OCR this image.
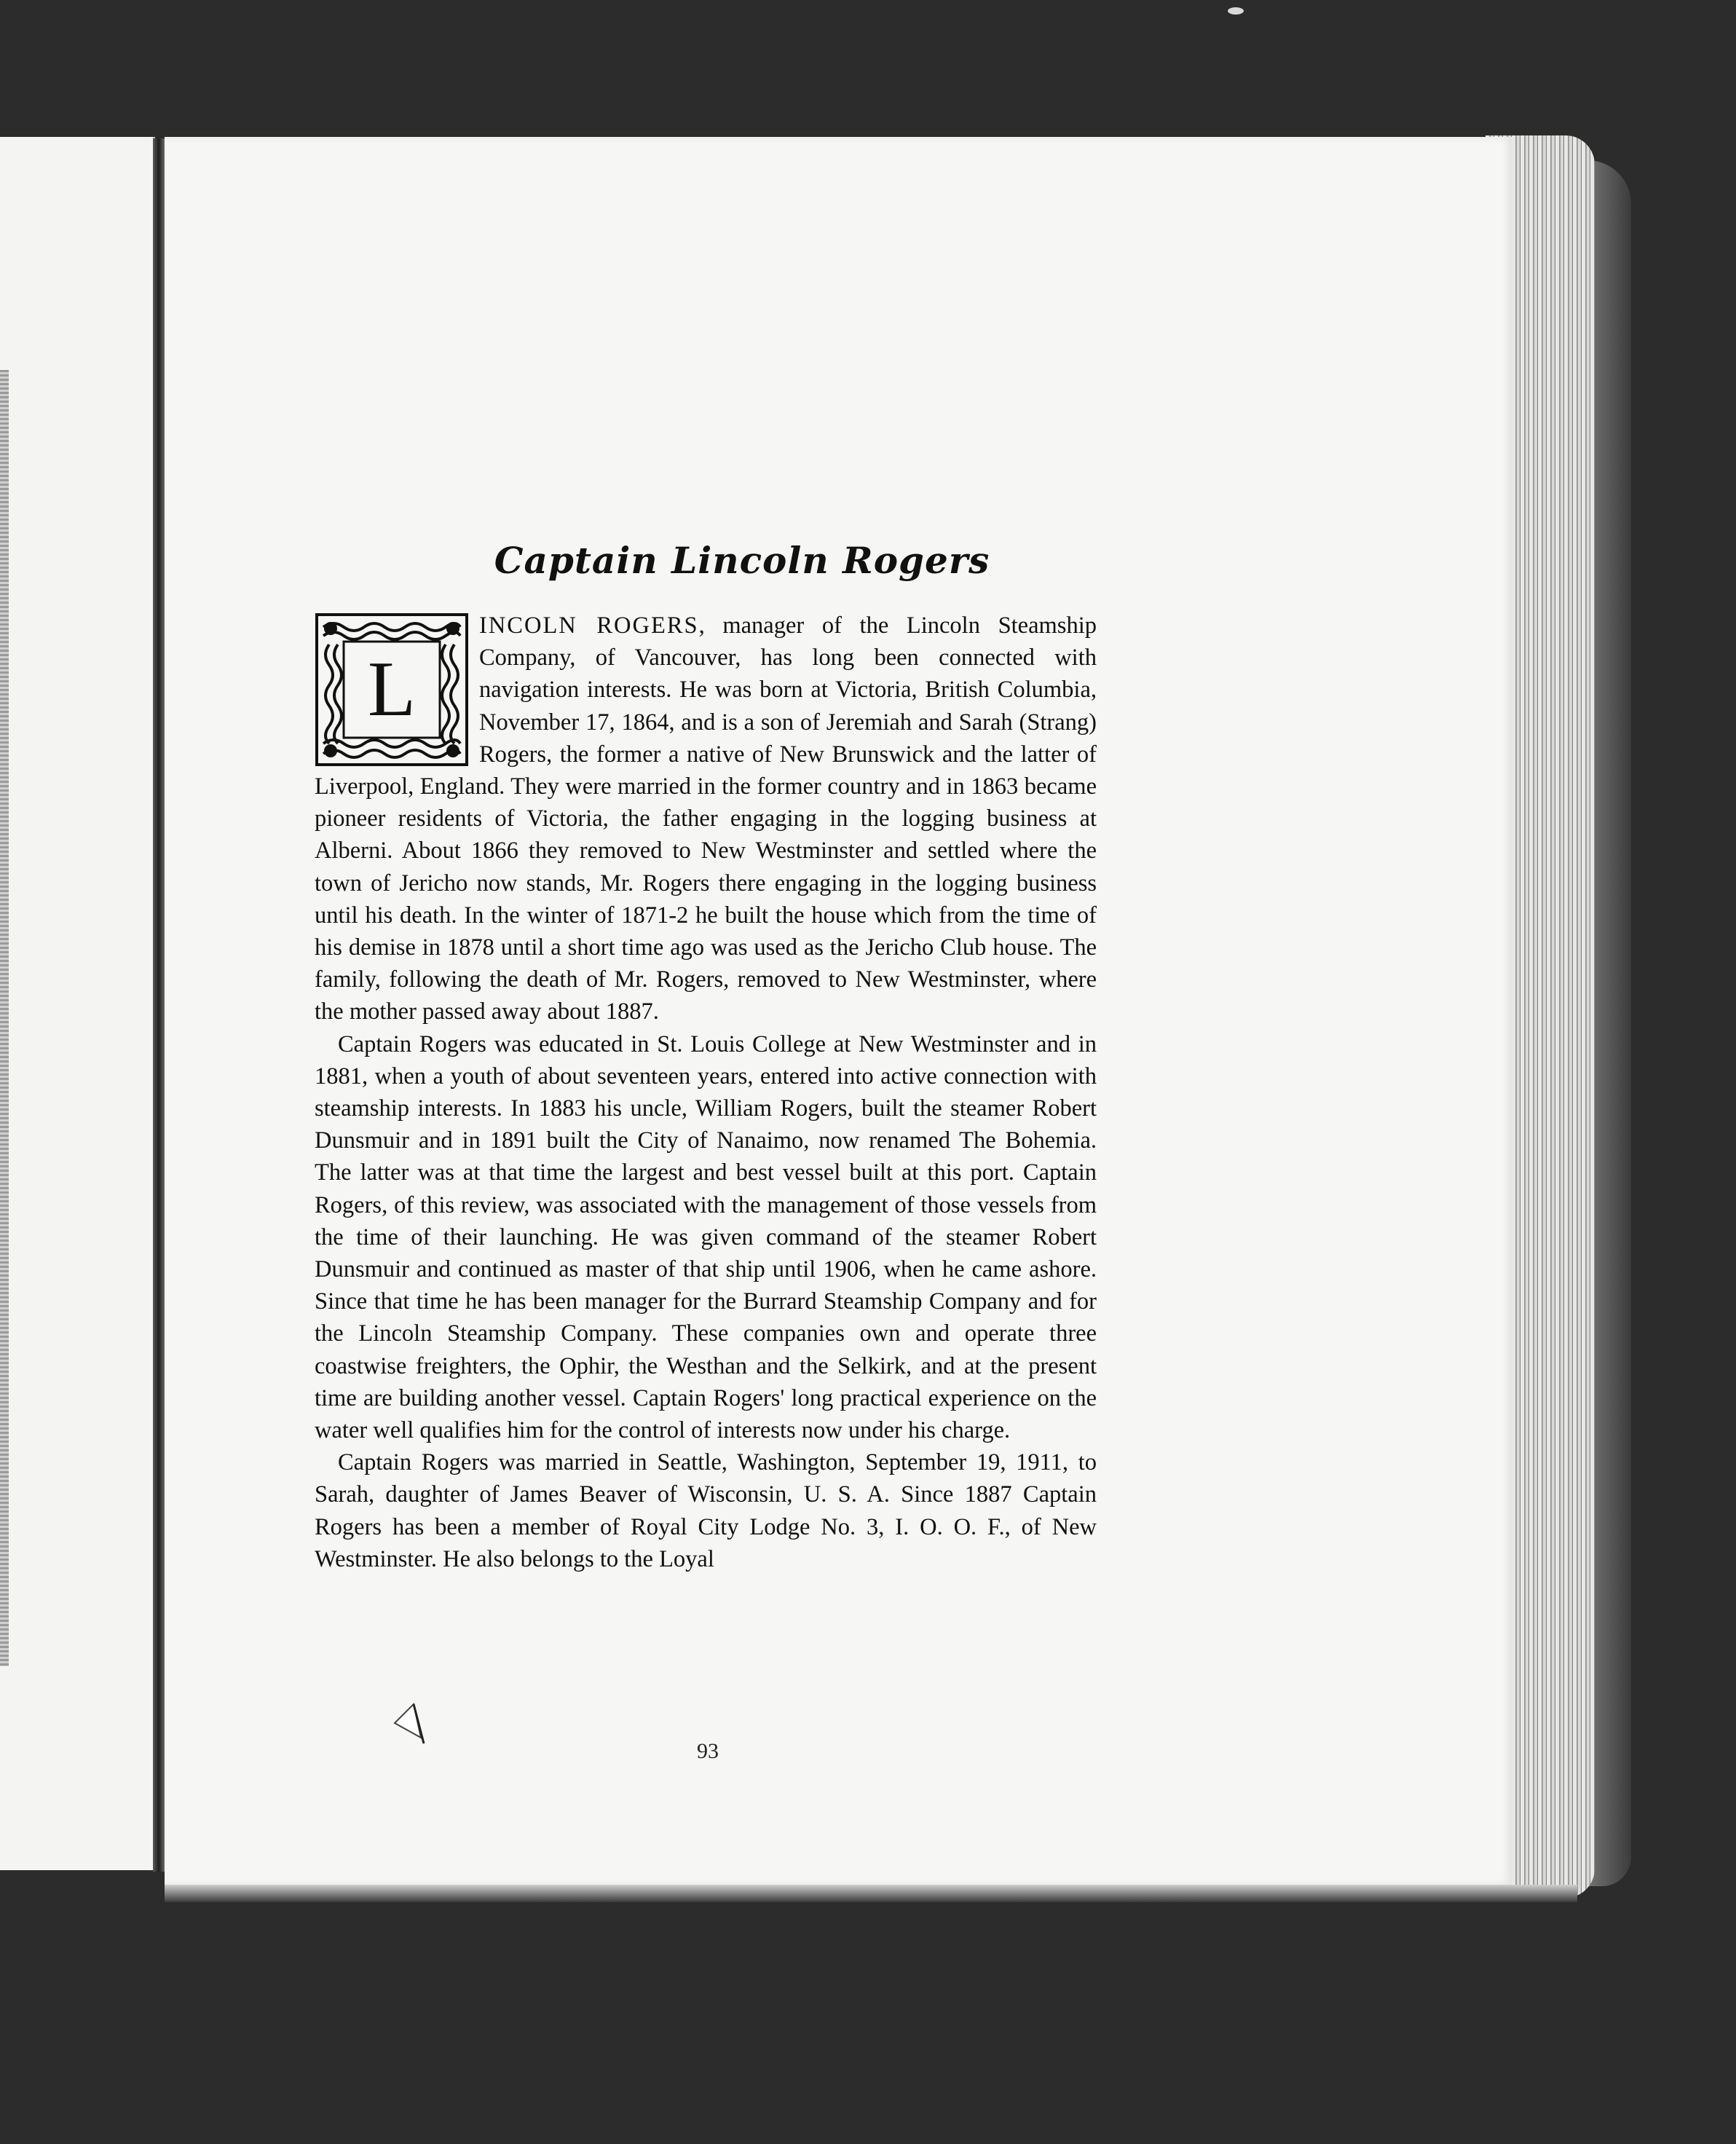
Captain Lincoln Rogers
L

INCOLN ROGERS, manager of the Lincoln Steamship Company, of Vancouver, has long been connected with navigation interests. He was born at Victoria, British Columbia, November 17, 1864, and is a son of Jeremiah and Sarah (Strang) Rogers, the former a native of New Brunswick and the latter of Liverpool, England. They were married in the former country and in 1863 became pioneer residents of Victoria, the father engaging in the logging business at Alberni. About 1866 they removed to New Westminster and settled where the town of Jericho now stands, Mr. Rogers there engaging in the logging business until his death. In the winter of 1871-2 he built the house which from the time of his demise in 1878 until a short time ago was used as the Jericho Club house. The family, following the death of Mr. Rogers, removed to New Westminster, where the mother passed away about 1887.

Captain Rogers was educated in St. Louis College at New Westminster and in 1881, when a youth of about seventeen years, entered into active connection with steamship interests. In 1883 his uncle, William Rogers, built the steamer Robert Dunsmuir and in 1891 built the City of Nanaimo, now renamed The Bohemia. The latter was at that time the largest and best vessel built at this port. Captain Rogers, of this review, was associated with the management of those vessels from the time of their launching. He was given command of the steamer Robert Dunsmuir and continued as master of that ship until 1906, when he came ashore. Since that time he has been manager for the Burrard Steamship Company and for the Lincoln Steamship Company. These companies own and operate three coastwise freighters, the Ophir, the Westhan and the Selkirk, and at the present time are building another vessel. Captain Rogers' long practical experience on the water well qualifies him for the control of interests now under his charge.

Captain Rogers was married in Seattle, Washington, September 19, 1911, to Sarah, daughter of James Beaver of Wisconsin, U. S. A. Since 1887 Captain Rogers has been a member of Royal City Lodge No. 3, I. O. O. F., of New Westminster. He also belongs to the Loyal

93
